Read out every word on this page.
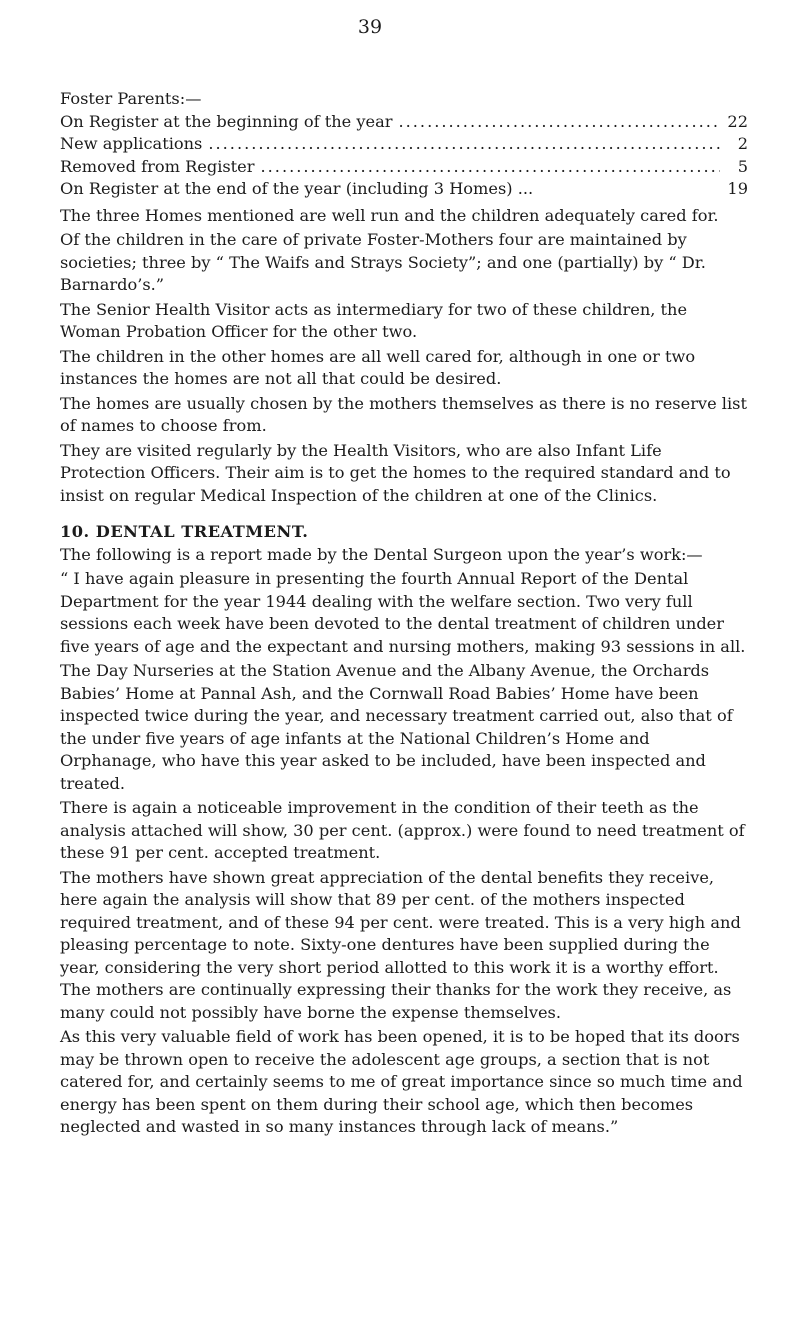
39
Foster Parents:—
On Register at the beginning of the year .....	22
New applications .....	2
Removed from Register .....	5
On Register at the end of the year (including 3 Homes) ...	19

The three Homes mentioned are well run and the children adequately cared for.

Of the children in the care of private Foster-Mothers four are maintained by societies; three by “ The Waifs and Strays Society”; and one (partially) by “ Dr. Barnardo’s.”

The Senior Health Visitor acts as intermediary for two of these children, the Woman Probation Officer for the other two.

The children in the other homes are all well cared for, although in one or two instances the homes are not all that could be desired.

The homes are usually chosen by the mothers themselves as there is no reserve list of names to choose from.

They are visited regularly by the Health Visitors, who are also Infant Life Protection Officers. Their aim is to get the homes to the required standard and to insist on regular Medical Inspection of the children at one of the Clinics.

10. DENTAL TREATMENT.

The following is a report made by the Dental Surgeon upon the year’s work:—

“ I have again pleasure in presenting the fourth Annual Report of the Dental Department for the year 1944 dealing with the welfare section. Two very full sessions each week have been devoted to the dental treatment of children under five years of age and the expectant and nursing mothers, making 93 sessions in all.

The Day Nurseries at the Station Avenue and the Albany Avenue, the Orchards Babies’ Home at Pannal Ash, and the Cornwall Road Babies’ Home have been inspected twice during the year, and necessary treatment carried out, also that of the under five years of age infants at the National Children’s Home and Orphanage, who have this year asked to be included, have been inspected and treated.

There is again a noticeable improvement in the condition of their teeth as the analysis attached will show, 30 per cent. (approx.) were found to need treatment of these 91 per cent. accepted treatment.

The mothers have shown great appreciation of the dental benefits they receive, here again the analysis will show that 89 per cent. of the mothers inspected required treatment, and of these 94 per cent. were treated. This is a very high and pleasing percentage to note. Sixty-one dentures have been supplied during the year, considering the very short period allotted to this work it is a worthy effort. The mothers are continually expressing their thanks for the work they receive, as many could not possibly have borne the expense themselves.

As this very valuable field of work has been opened, it is to be hoped that its doors may be thrown open to receive the adolescent age groups, a section that is not catered for, and certainly seems to me of great importance since so much time and energy has been spent on them during their school age, which then becomes neglected and wasted in so many instances through lack of means.”
